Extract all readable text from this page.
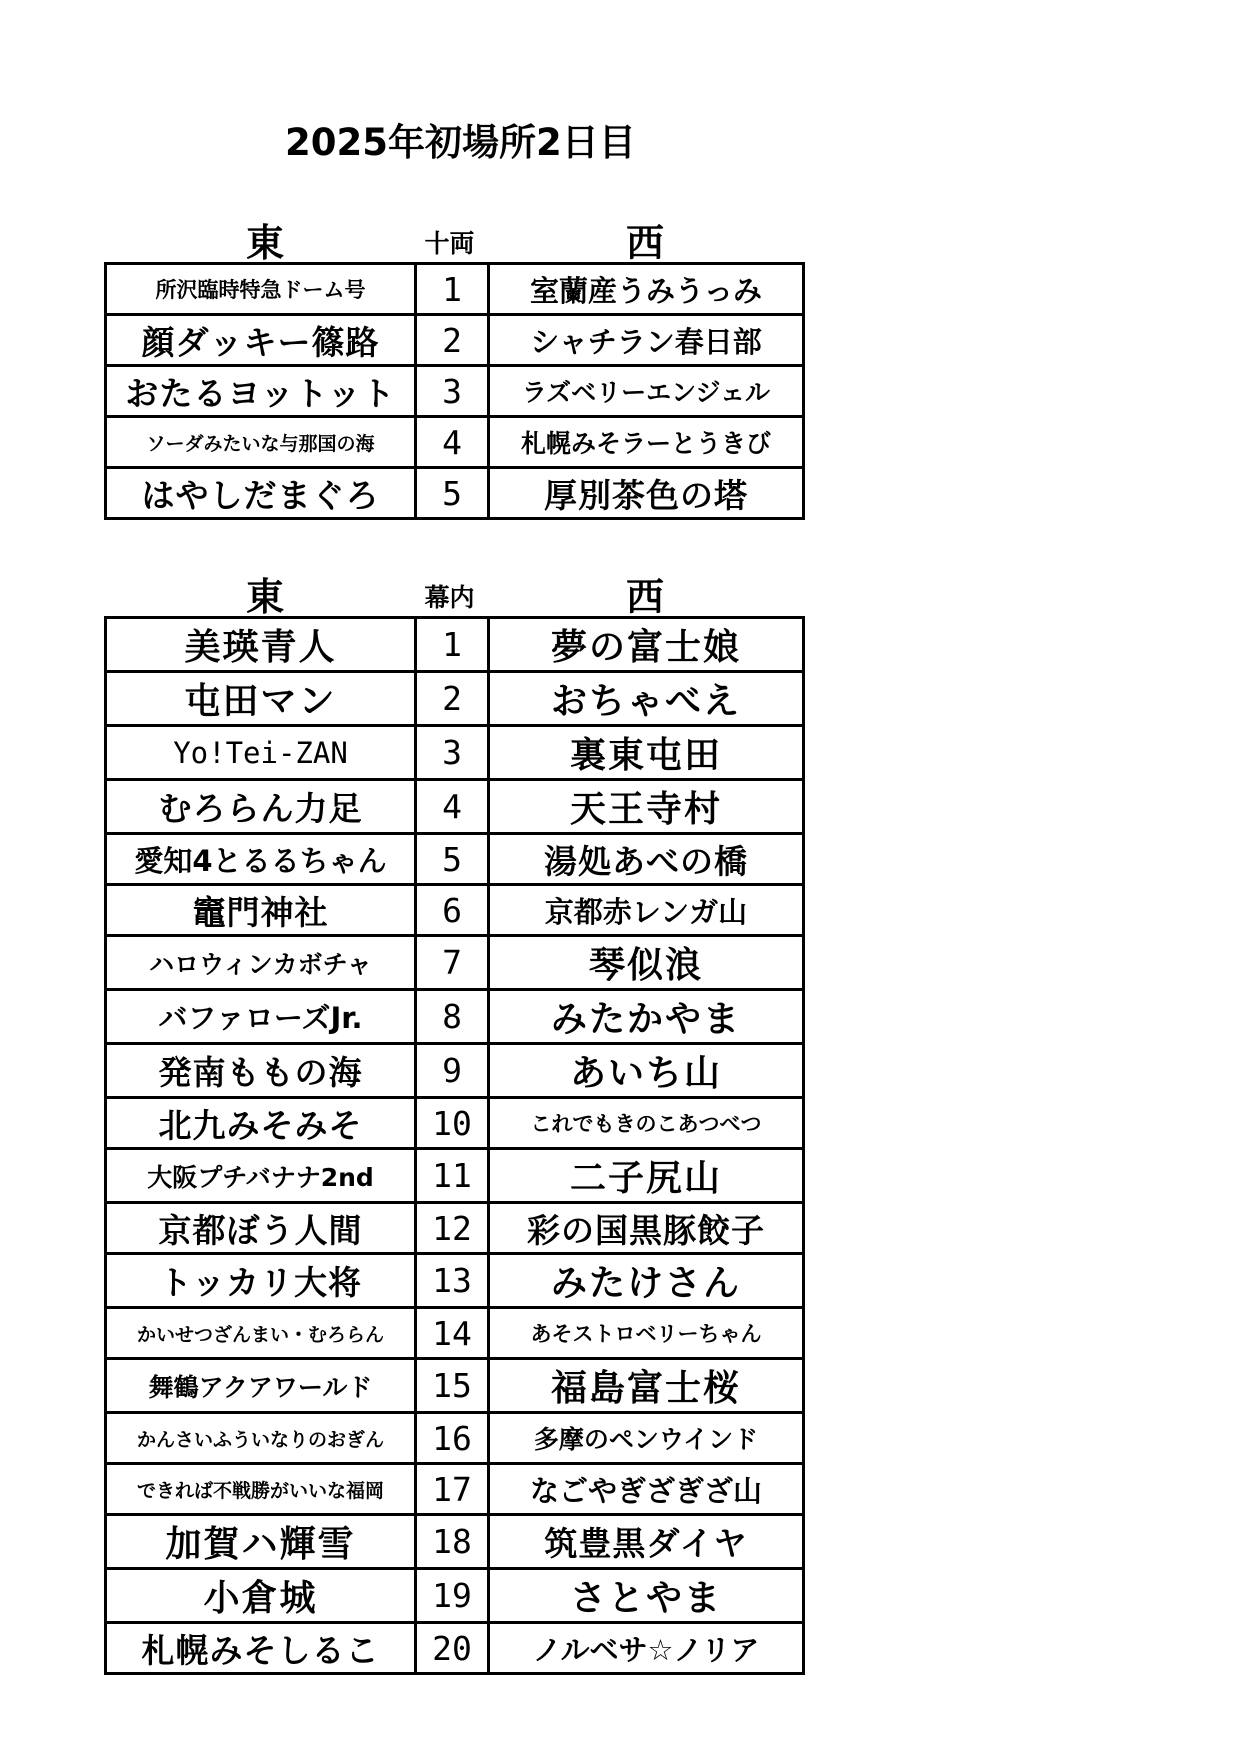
2025年初場所2日目
東	十両	西
所沢臨時特急ドーム号	1	室蘭産うみうっみ
顔ダッキー篠路	2	シャチラン春日部
おたるヨットット	3	ラズベリーエンジェル
ソーダみたいな与那国の海	4	札幌みそラーとうきび
はやしだまぐろ	5	厚別茶色の塔
東	幕内	西
美瑛青人	1	夢の富士娘
屯田マン	2	おちゃべえ
Yo!Tei-ZAN	3	裏東屯田
むろらん力足	4	天王寺村
愛知4とるるちゃん	5	湯処あべの橋
竈門神社	6	京都赤レンガ山
ハロウィンカボチャ	7	琴似浪
バファローズJr.	8	みたかやま
発南ももの海	9	あいち山
北九みそみそ	10	これでもきのこあつべつ
大阪プチバナナ2nd	11	二子尻山
京都ぼう人間	12	彩の国黒豚餃子
トッカリ大将	13	みたけさん
かいせつざんまい・むろらん	14	あそストロベリーちゃん
舞鶴アクアワールド	15	福島富士桜
かんさいふういなりのおぎん	16	多摩のペンウインド
できれば不戦勝がいいな福岡	17	なごやぎざぎざ山
加賀ハ輝雪	18	筑豊黒ダイヤ
小倉城	19	さとやま
札幌みそしるこ	20	ノルベサ☆ノリア
